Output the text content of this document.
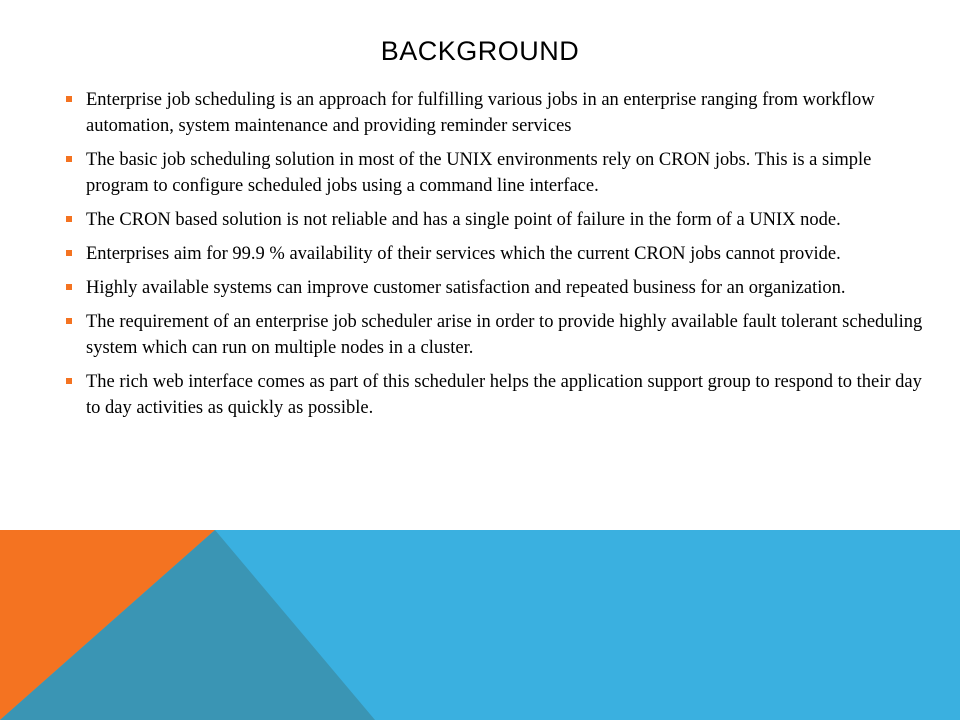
BACKGROUND
Enterprise job scheduling is an approach for fulfilling various jobs in an enterprise ranging from workflow automation, system maintenance and providing reminder services
The basic job scheduling solution in most of the UNIX environments rely on CRON jobs. This is a simple program to configure scheduled jobs using a command line interface.
The CRON based solution is not reliable and has a single point of failure in the form of a UNIX node.
Enterprises aim for 99.9 % availability of their services which the current CRON jobs cannot provide.
Highly available systems can improve customer satisfaction and repeated business for an organization.
The requirement of an enterprise job scheduler arise in order to provide highly available fault tolerant scheduling system which can run on multiple nodes in a cluster.
The rich web interface comes as part of this scheduler helps the application support group to respond to their day to day activities as quickly as possible.
